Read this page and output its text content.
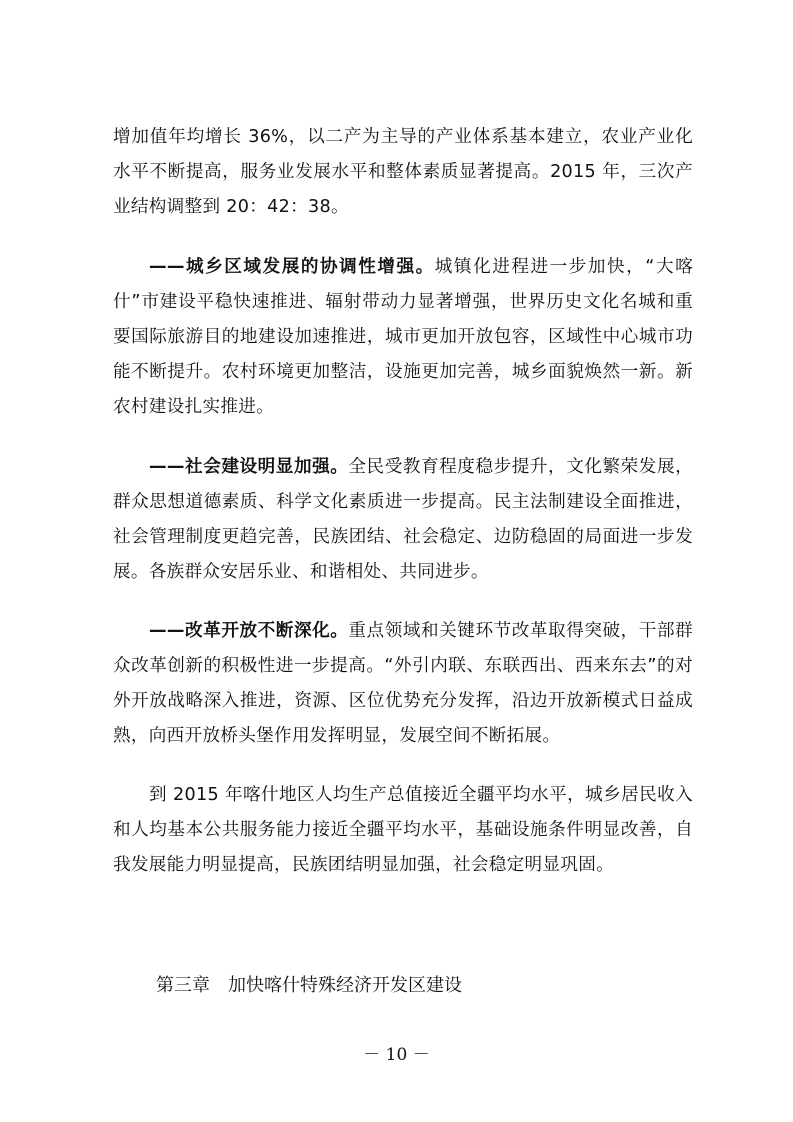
增加值年均增长 36%，以二产为主导的产业体系基本建立，农业产业化水平不断提高，服务业发展水平和整体素质显著提高。2015 年，三次产业结构调整到 20：42：38。

——城乡区域发展的协调性增强。城镇化进程进一步加快，“大喀什”市建设平稳快速推进、辐射带动力显著增强，世界历史文化名城和重要国际旅游目的地建设加速推进，城市更加开放包容，区域性中心城市功能不断提升。农村环境更加整洁，设施更加完善，城乡面貌焕然一新。新农村建设扎实推进。

——社会建设明显加强。全民受教育程度稳步提升，文化繁荣发展，群众思想道德素质、科学文化素质进一步提高。民主法制建设全面推进，社会管理制度更趋完善，民族团结、社会稳定、边防稳固的局面进一步发展。各族群众安居乐业、和谐相处、共同进步。

——改革开放不断深化。重点领域和关键环节改革取得突破，干部群众改革创新的积极性进一步提高。“外引内联、东联西出、西来东去”的对外开放战略深入推进，资源、区位优势充分发挥，沿边开放新模式日益成熟，向西开放桥头堡作用发挥明显，发展空间不断拓展。

到 2015 年喀什地区人均生产总值接近全疆平均水平，城乡居民收入和人均基本公共服务能力接近全疆平均水平，基础设施条件明显改善，自我发展能力明显提高，民族团结明显加强，社会稳定明显巩固。

第三章 加快喀什特殊经济开发区建设

－ 10 －
